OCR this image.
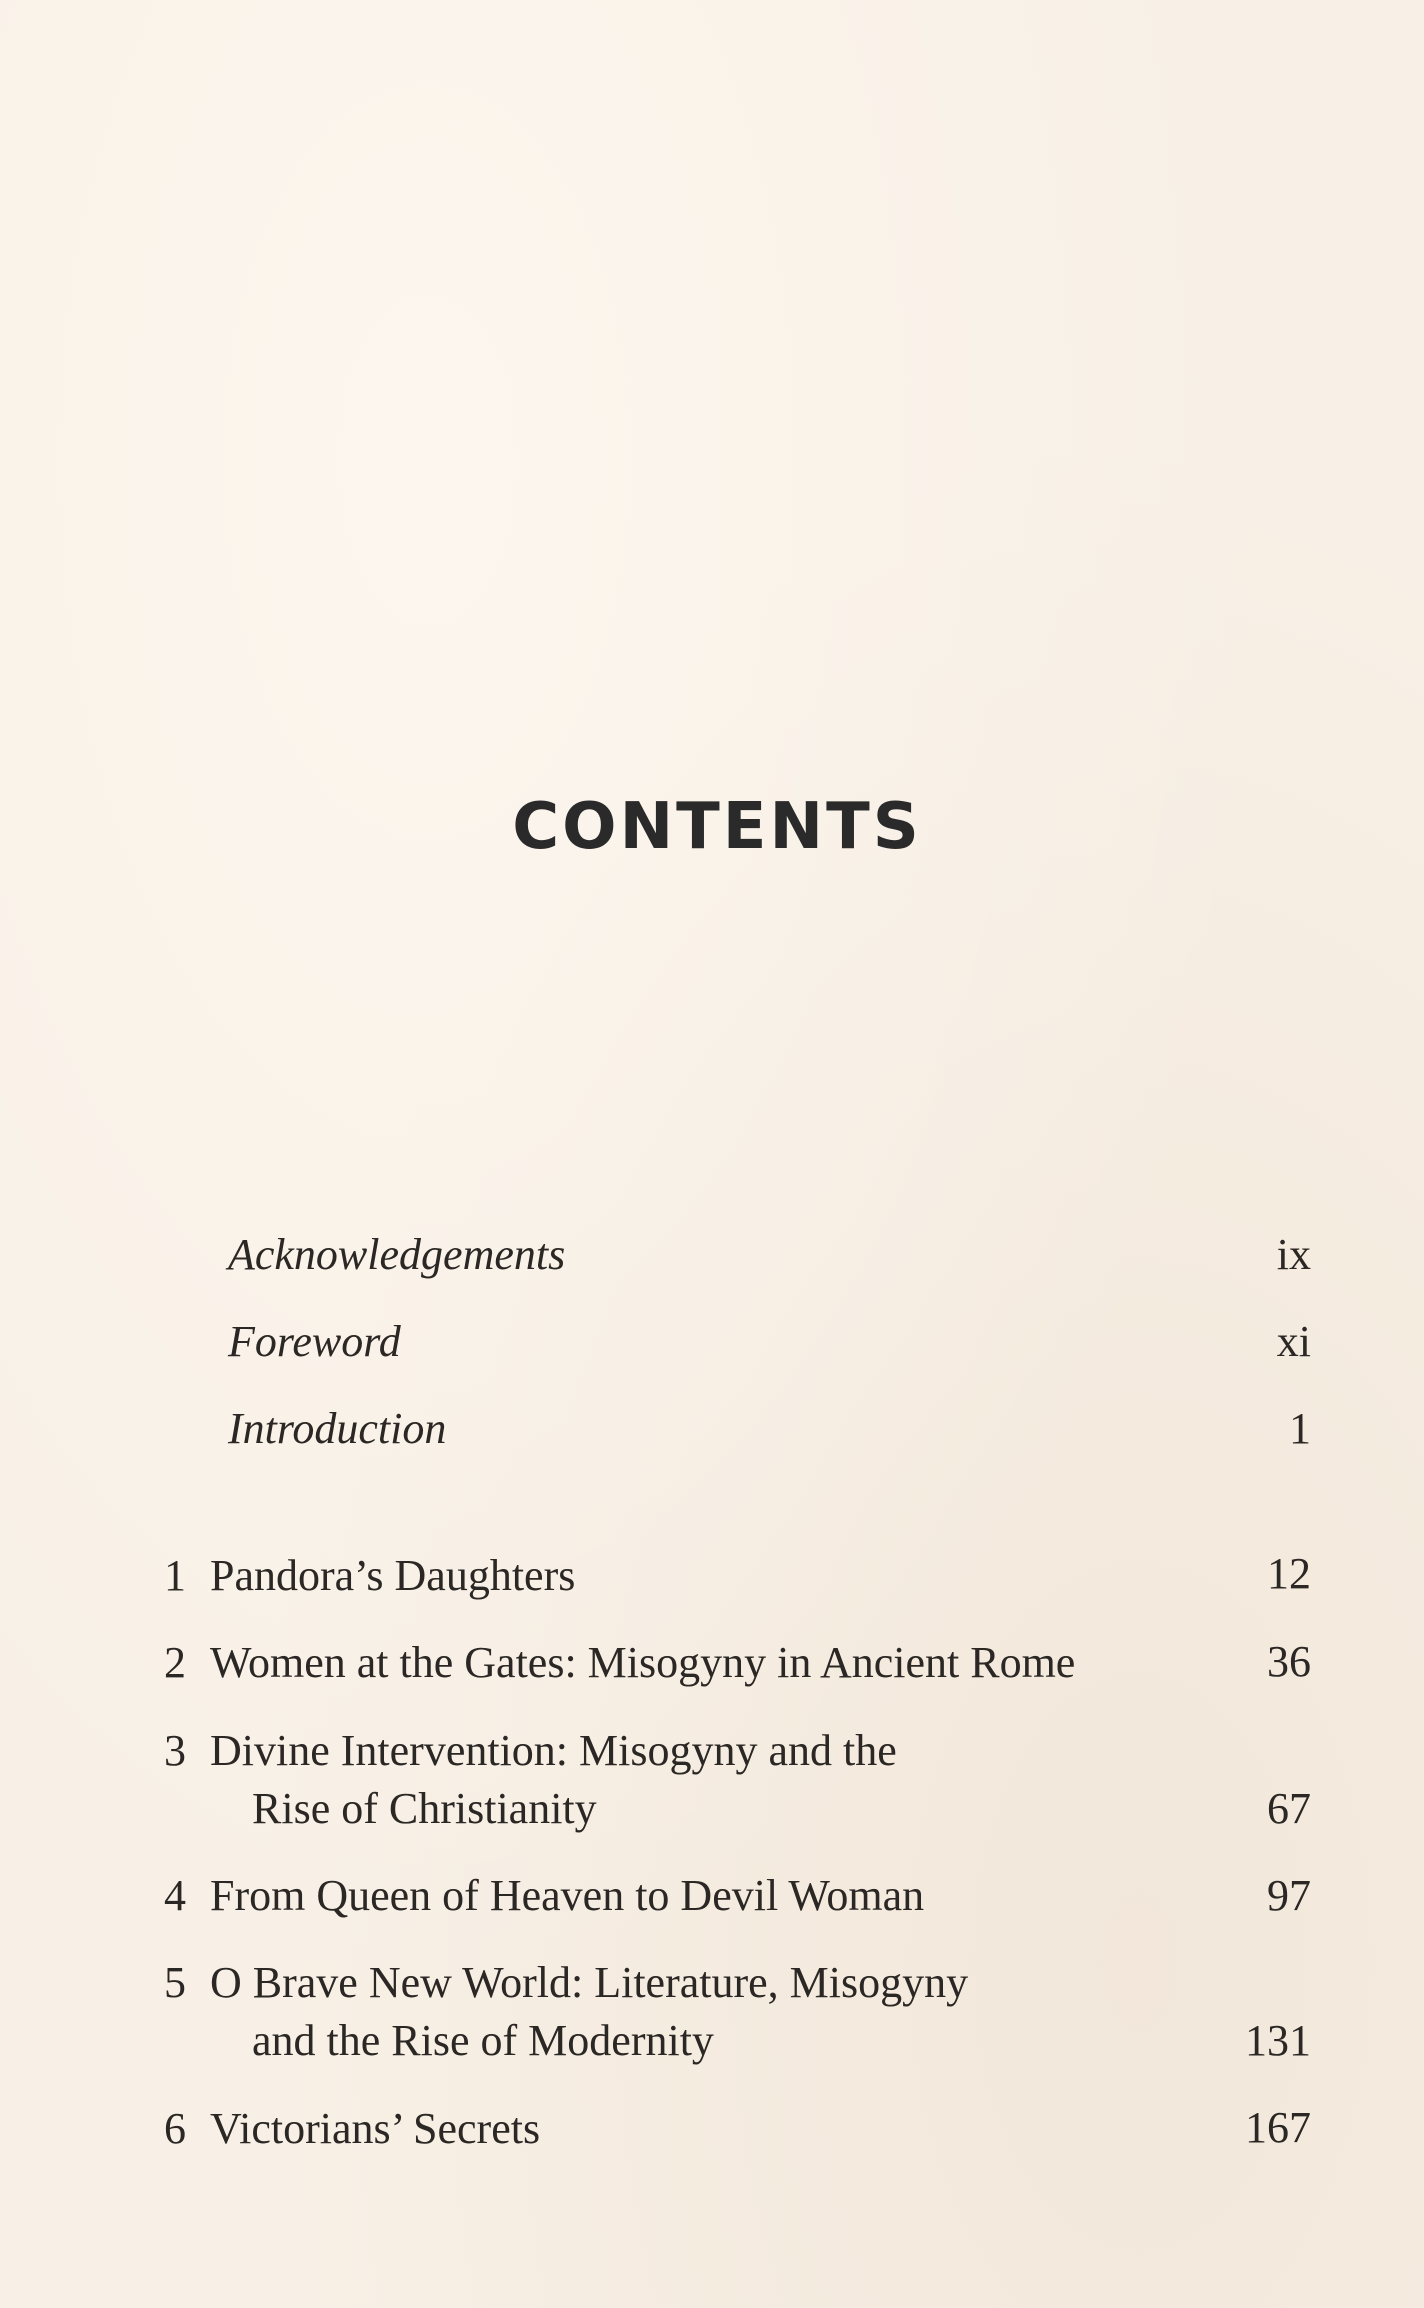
CONTENTS
Acknowledgements	ix
Foreword	xi
Introduction	1
1 Pandora’s Daughters	12
2 Women at the Gates: Misogyny in Ancient Rome	36
3 Divine Intervention: Misogyny and the
Rise of Christianity	67
4 From Queen of Heaven to Devil Woman	97
5 O Brave New World: Literature, Misogyny
and the Rise of Modernity	131
6 Victorians’ Secrets	167
